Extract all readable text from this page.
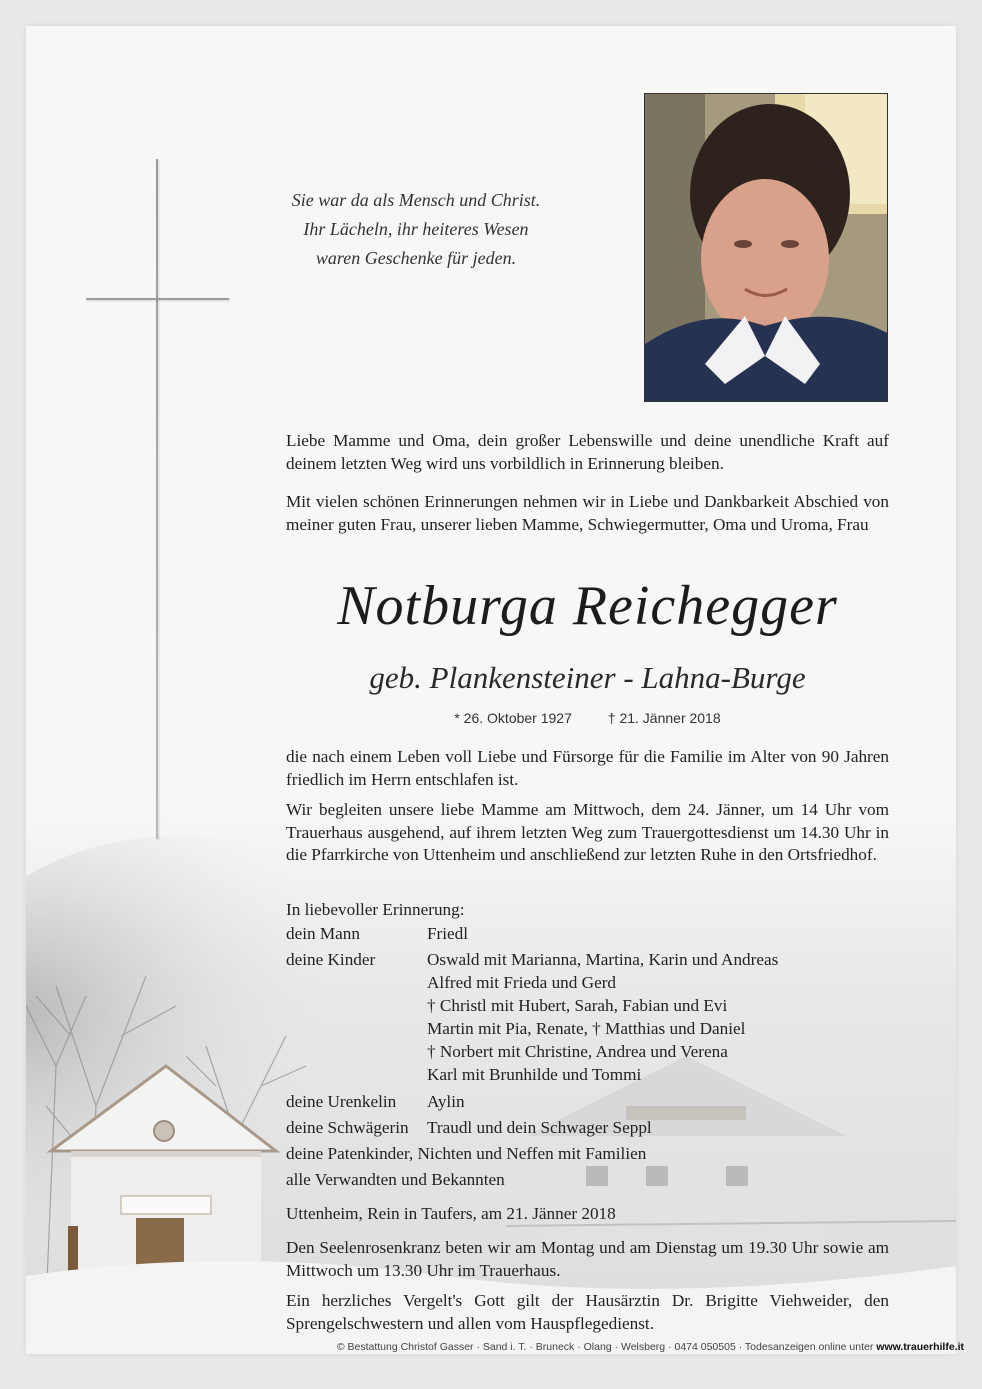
Sie war da als Mensch und Christ.
Ihr Lächeln, ihr heiteres Wesen
waren Geschenke für jeden.
Liebe Mamme und Oma, dein großer Lebenswille und deine unendliche Kraft auf deinem letzten Weg wird uns vorbildlich in Erinnerung bleiben.
Mit vielen schönen Erinnerungen nehmen wir in Liebe und Dankbarkeit Abschied von meiner guten Frau, unserer lieben Mamme, Schwiegermutter, Oma und Uroma, Frau
Notburga Reichegger
geb. Plankensteiner - Lahna-Burge
* 26. Oktober 1927	† 21. Jänner 2018
die nach einem Leben voll Liebe und Fürsorge für die Familie im Alter von 90 Jahren friedlich im Herrn entschlafen ist.
Wir begleiten unsere liebe Mamme am Mittwoch, dem 24. Jänner, um 14 Uhr vom Trauerhaus ausgehend, auf ihrem letzten Weg zum Trauergottesdienst um 14.30 Uhr in die Pfarrkirche von Uttenheim und anschließend zur letzten Ruhe in den Ortsfriedhof.
In liebevoller Erinnerung:
dein Mann	Friedl
deine Kinder	Oswald mit Marianna, Martina, Karin und Andreas
Alfred mit Frieda und Gerd
† Christl mit Hubert, Sarah, Fabian und Evi
Martin mit Pia, Renate, † Matthias und Daniel
† Norbert mit Christine, Andrea und Verena
Karl mit Brunhilde und Tommi
deine Urenkelin Aylin
deine Schwägerin Traudl und dein Schwager Seppl
deine Patenkinder, Nichten und Neffen mit Familien
alle Verwandten und Bekannten
Uttenheim, Rein in Taufers, am 21. Jänner 2018
Den Seelenrosenkranz beten wir am Montag und am Dienstag um 19.30 Uhr sowie am Mittwoch um 13.30 Uhr im Trauerhaus.
Ein herzliches Vergelt's Gott gilt der Hausärztin Dr. Brigitte Viehweider, den Sprengelschwestern und allen vom Hauspflegedienst.
© Bestattung Christof Gasser · Sand i. T. · Bruneck · Olang · Welsberg · 0474 050505 · Todesanzeigen online unter www.trauerhilfe.it
